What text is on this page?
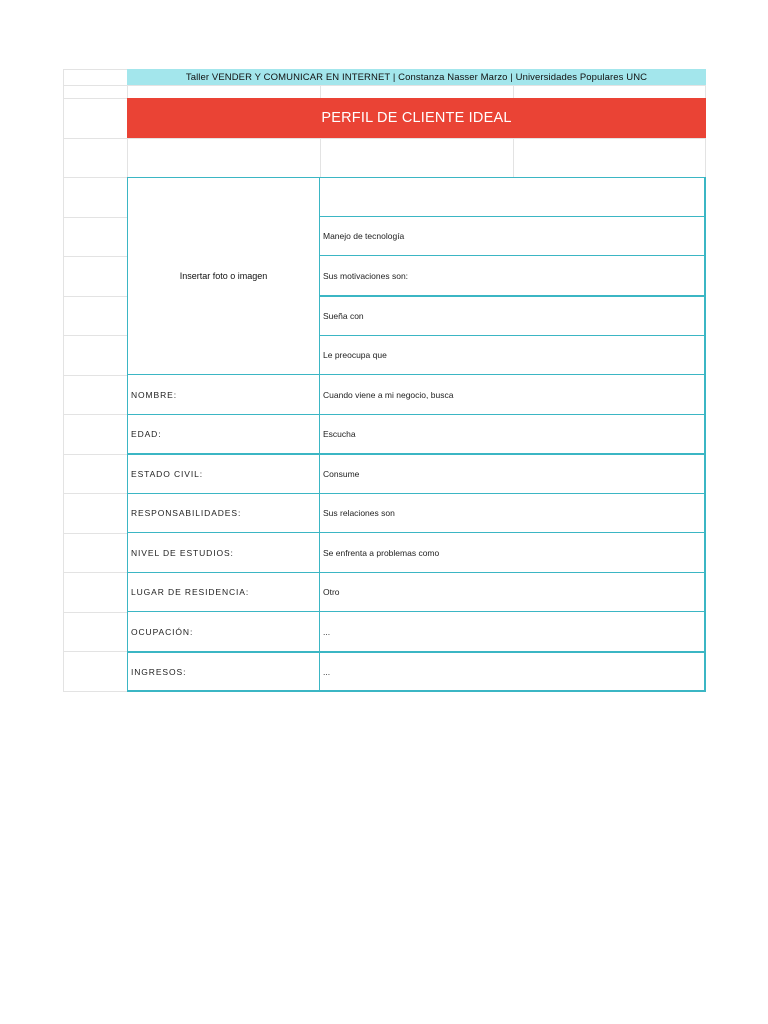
Taller VENDER Y COMUNICAR EN INTERNET | Constanza Nasser Marzo | Universidades Populares UNC
PERFIL DE CLIENTE IDEAL
Insertar foto o imagen
Manejo de tecnología
Sus motivaciones son:
Sueña con
Le preocupa que
Cuando viene a mi negocio, busca
Escucha
Consume
Sus relaciones son
Se enfrenta a problemas como
Otro
...
...
NOMBRE:
EDAD:
ESTADO CIVIL:
RESPONSABILIDADES:
NIVEL DE ESTUDIOS:
LUGAR DE RESIDENCIA:
OCUPACIÓN:
INGRESOS:
